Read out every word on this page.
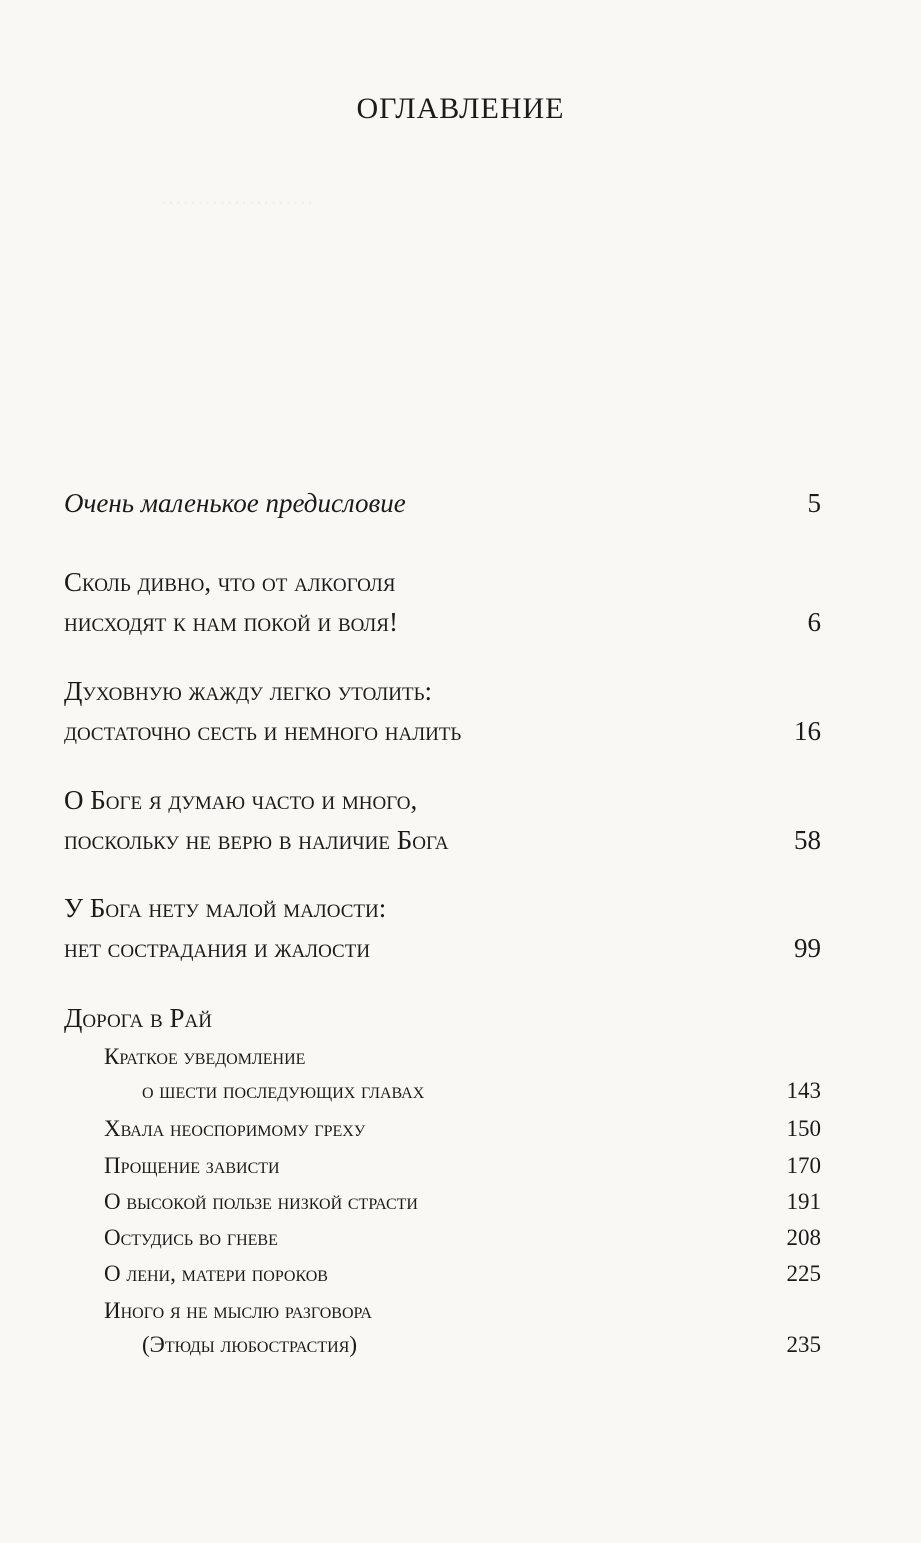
·····················
ОГЛАВЛЕНИЕ
Очень маленькое предисловие	5
Сколь дивно, что от алкоголя
нисходят к нам покой и воля!	6
Духовную жажду легко утолить:
достаточно сесть и немного налить	16
О Боге я думаю часто и много,
поскольку не верю в наличие Бога	58
У Бога нету малой малости:
нет сострадания и жалости	99
Дорога в Рай
Краткое уведомление
о шести последующих главах	143
Хвала неоспоримому греху	150
Прощение зависти	170
О высокой пользе низкой страсти	191
Остудись во гневе	208
О лени, матери пороков	225
Иного я не мыслю разговора
(Этюды любострастия)	235
